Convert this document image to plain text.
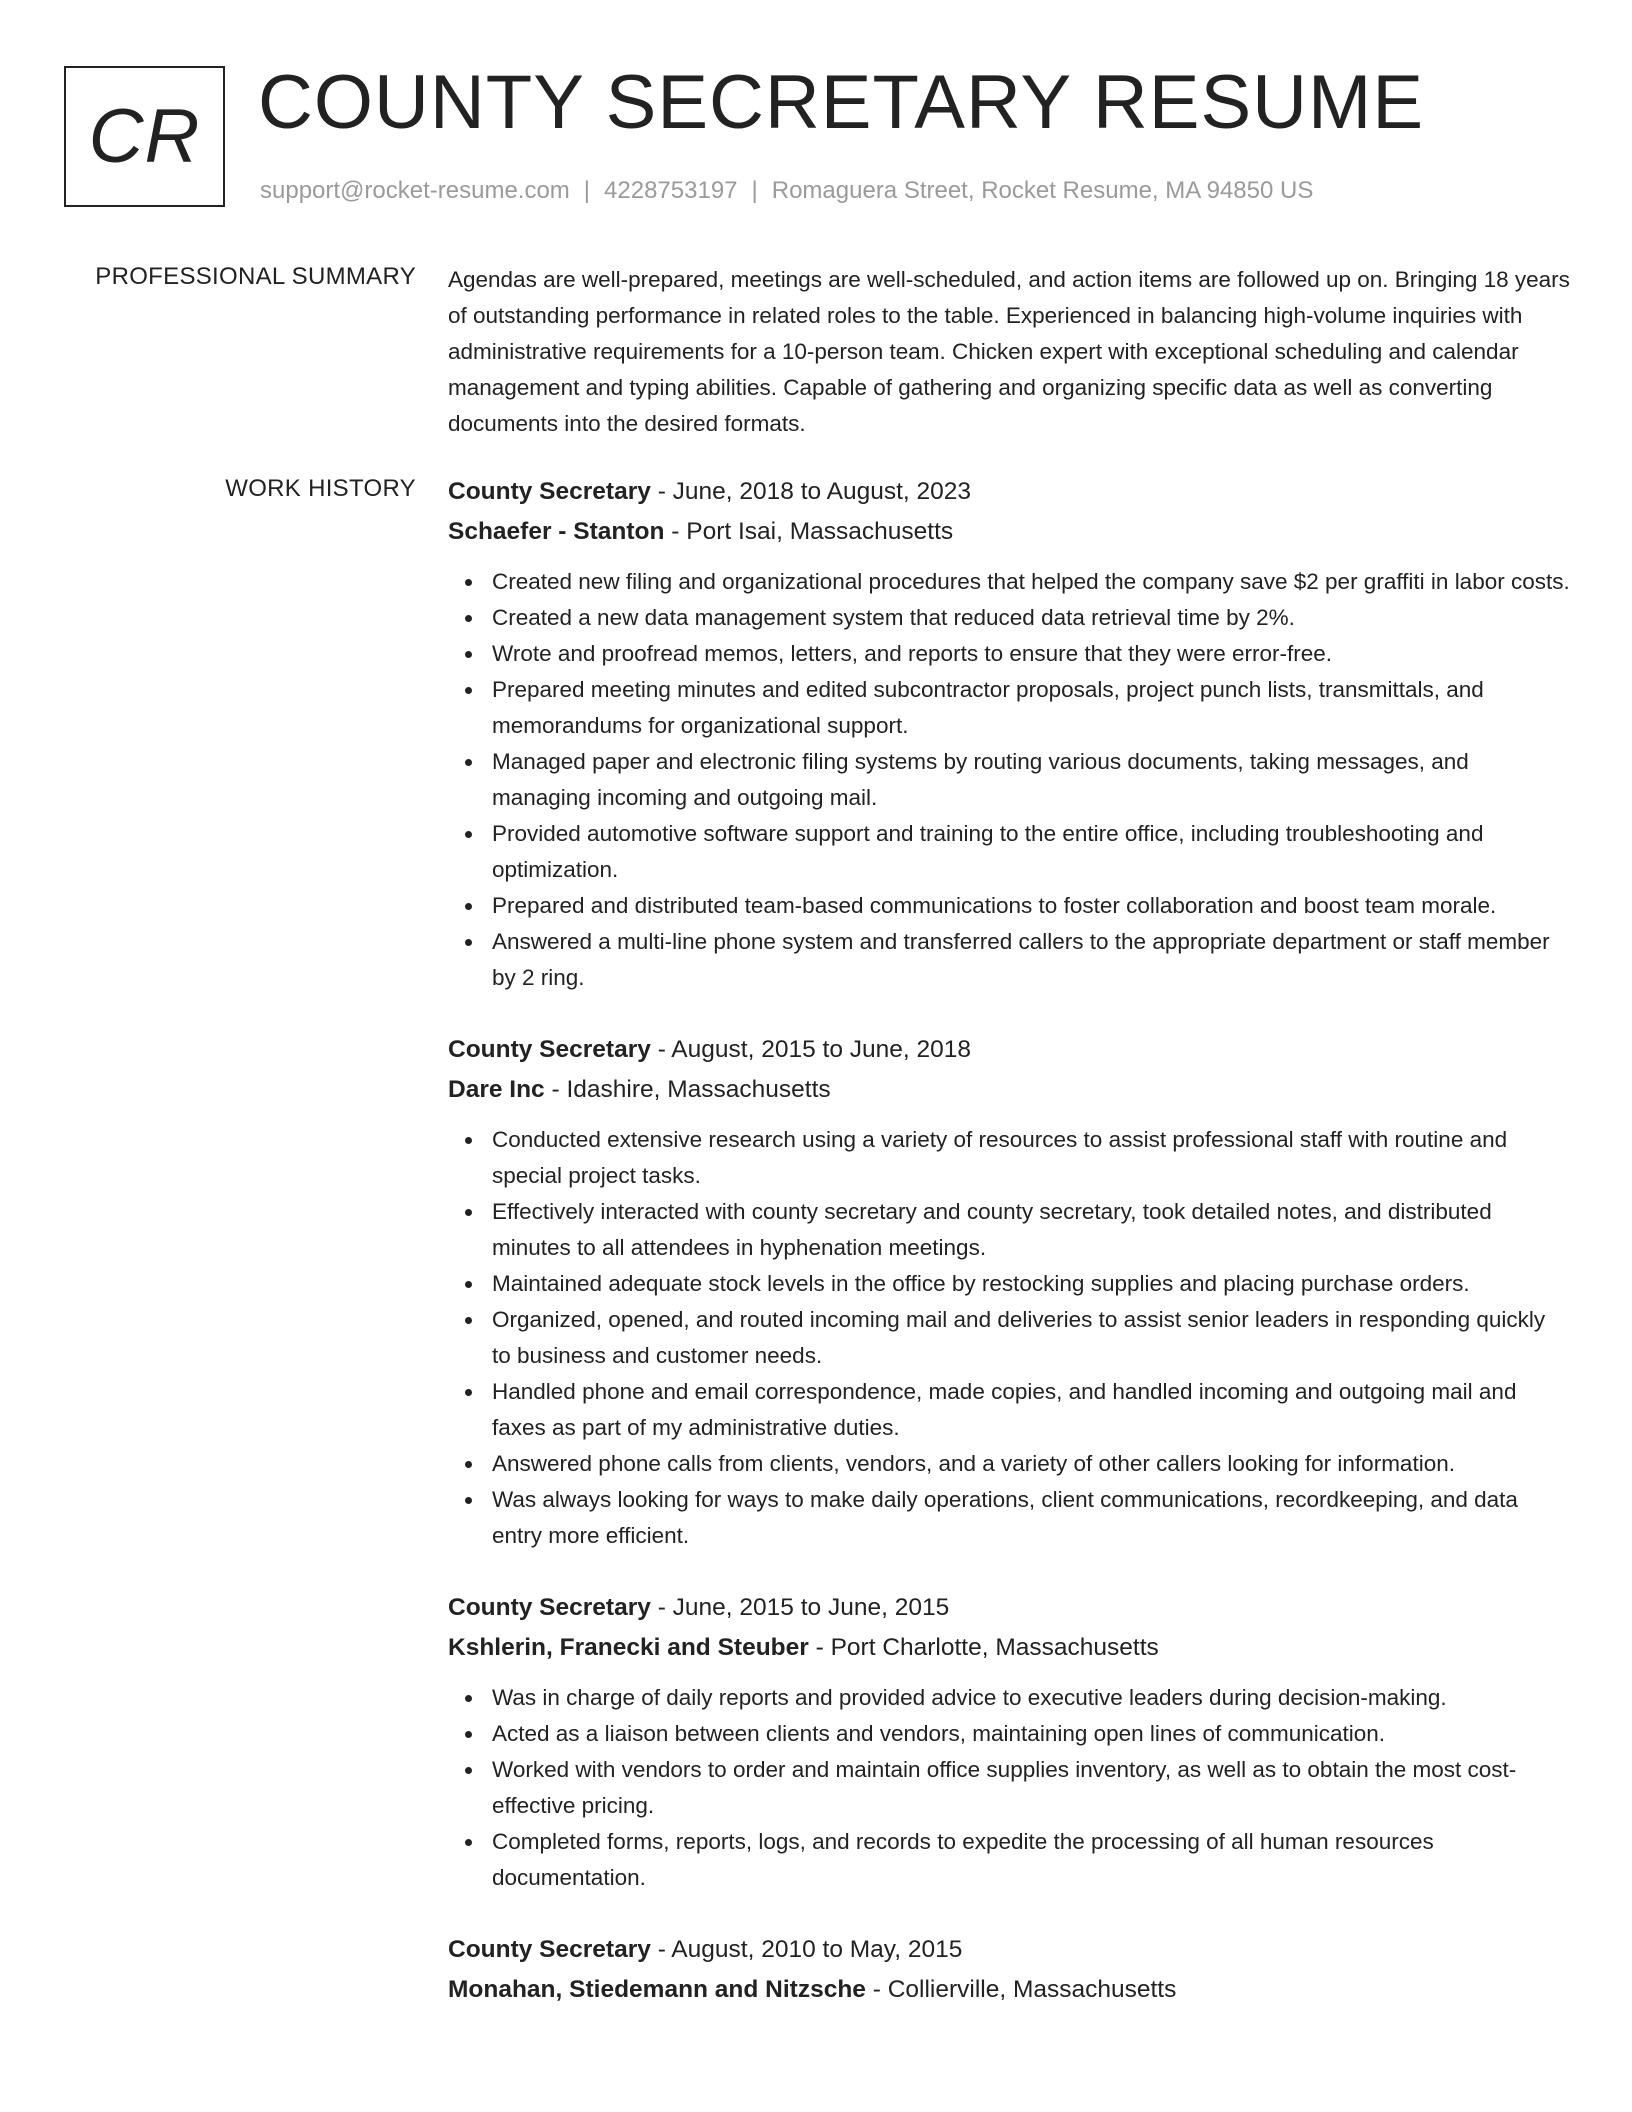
CR COUNTY SECRETARY RESUME
support@rocket-resume.com | 4228753197 | Romaguera Street, Rocket Resume, MA 94850 US
PROFESSIONAL SUMMARY Agendas are well-prepared, meetings are well-scheduled, and action items are followed up on. Bringing 18 years of outstanding performance in related roles to the table. Experienced in balancing high-volume inquiries with administrative requirements for a 10-person team. Chicken expert with exceptional scheduling and calendar management and typing abilities. Capable of gathering and organizing specific data as well as converting documents into the desired formats.

WORK HISTORY County Secretary - June, 2018 to August, 2023
Schaefer - Stanton - Port Isai, Massachusetts
Created new filing and organizational procedures that helped the company save $2 per graffiti in labor costs.
Created a new data management system that reduced data retrieval time by 2%.
Wrote and proofread memos, letters, and reports to ensure that they were error-free.
Prepared meeting minutes and edited subcontractor proposals, project punch lists, transmittals, and memorandums for organizational support.
Managed paper and electronic filing systems by routing various documents, taking messages, and managing incoming and outgoing mail.
Provided automotive software support and training to the entire office, including troubleshooting and optimization.
Prepared and distributed team-based communications to foster collaboration and boost team morale.
Answered a multi-line phone system and transferred callers to the appropriate department or staff member by 2 ring.
County Secretary - August, 2015 to June, 2018
Dare Inc - Idashire, Massachusetts
Conducted extensive research using a variety of resources to assist professional staff with routine and special project tasks.
Effectively interacted with county secretary and county secretary, took detailed notes, and distributed minutes to all attendees in hyphenation meetings.
Maintained adequate stock levels in the office by restocking supplies and placing purchase orders.
Organized, opened, and routed incoming mail and deliveries to assist senior leaders in responding quickly to business and customer needs.
Handled phone and email correspondence, made copies, and handled incoming and outgoing mail and faxes as part of my administrative duties.
Answered phone calls from clients, vendors, and a variety of other callers looking for information.
Was always looking for ways to make daily operations, client communications, recordkeeping, and data entry more efficient.
County Secretary - June, 2015 to June, 2015
Kshlerin, Franecki and Steuber - Port Charlotte, Massachusetts
Was in charge of daily reports and provided advice to executive leaders during decision-making.
Acted as a liaison between clients and vendors, maintaining open lines of communication.
Worked with vendors to order and maintain office supplies inventory, as well as to obtain the most cost-effective pricing.
Completed forms, reports, logs, and records to expedite the processing of all human resources documentation.
County Secretary - August, 2010 to May, 2015
Monahan, Stiedemann and Nitzsche - Collierville, Massachusetts
